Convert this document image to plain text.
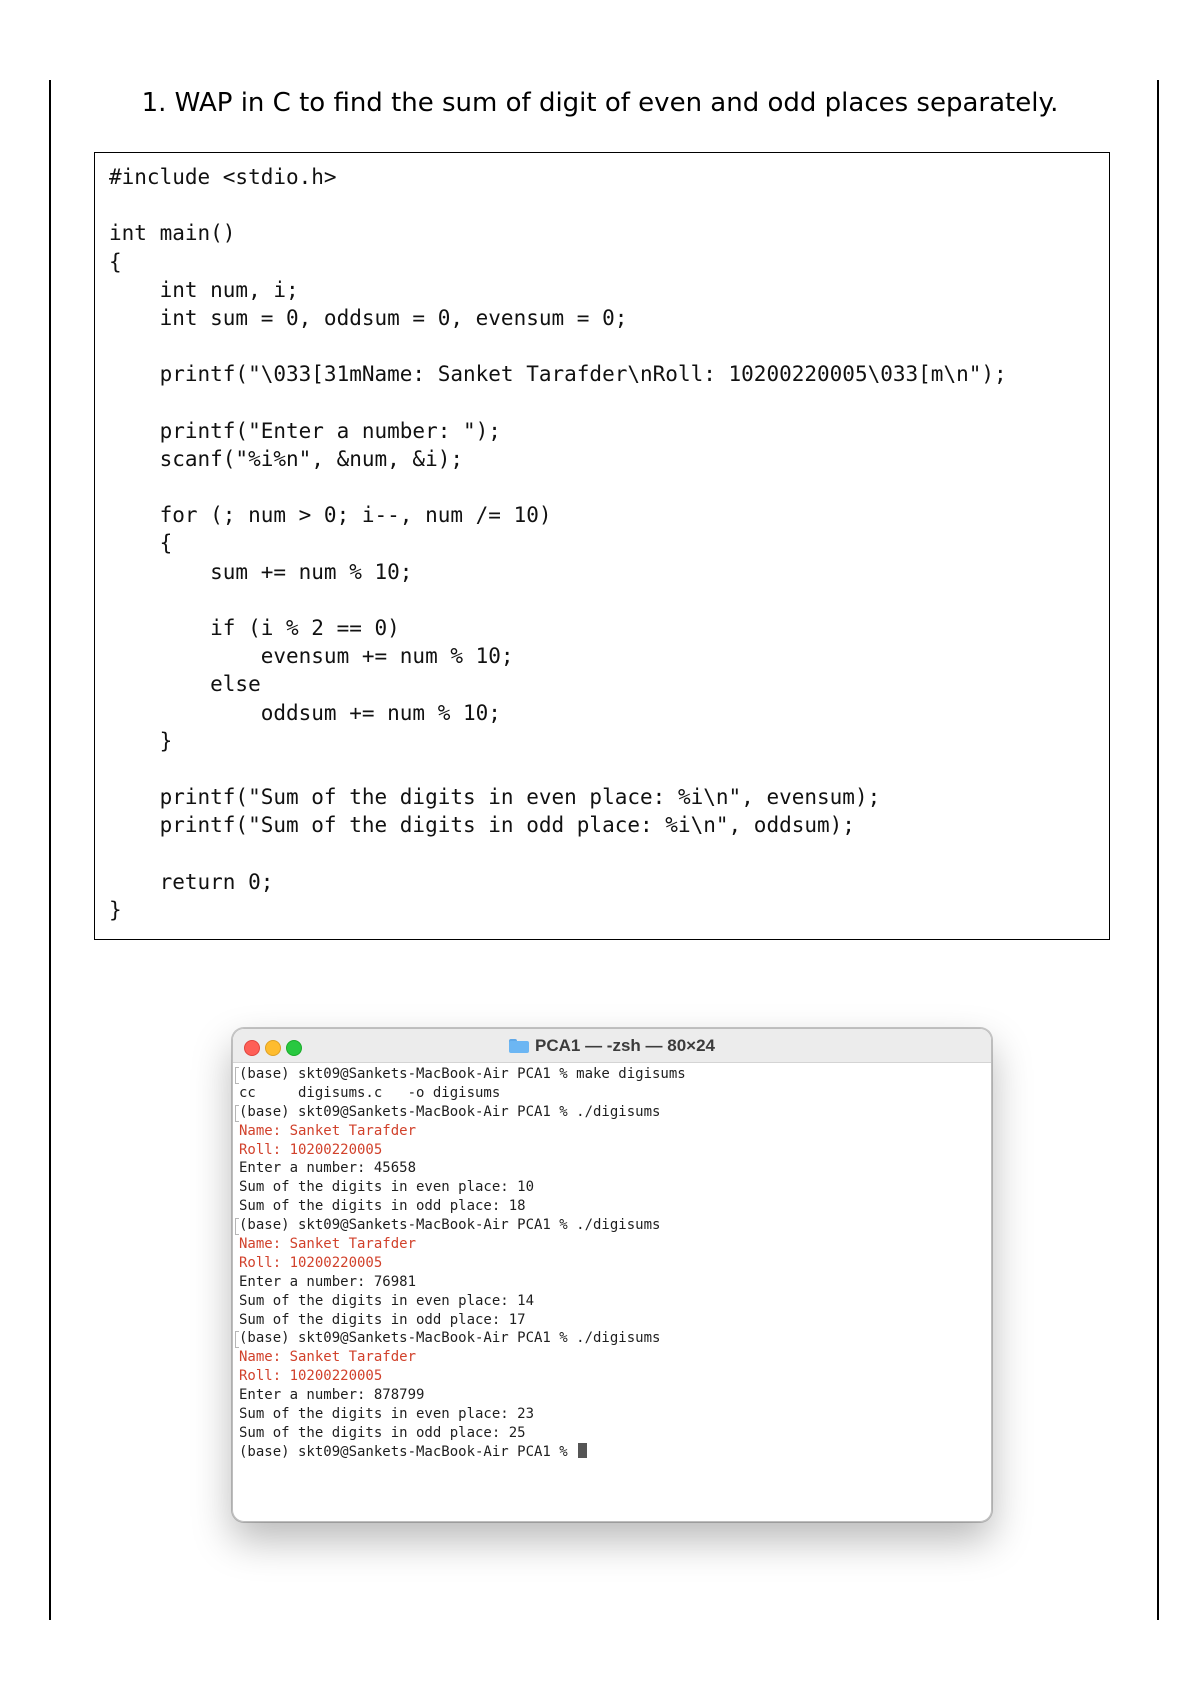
1. WAP in C to find the sum of digit of even and odd places separately.
#include <stdio.h>
int main()
{
int num, i;
int sum = 0, oddsum = 0, evensum = 0;
printf("\033[31mName: Sanket Tarafder\nRoll: 10200220005\033[m\n");
printf("Enter a number: ");
scanf("%i%n", &num, &i);
for (; num > 0; i--, num /= 10)
{
sum += num % 10;
if (i % 2 == 0)
evensum += num % 10;
else
oddsum += num % 10;
}
printf("Sum of the digits in even place: %i\n", evensum);
printf("Sum of the digits in odd place: %i\n", oddsum);
return 0;
}
PCA1 — -zsh — 80×24
(base) skt09@Sankets-MacBook-Air PCA1 % make digisums
cc     digisums.c   -o digisums
(base) skt09@Sankets-MacBook-Air PCA1 % ./digisums
Name: Sanket Tarafder
Roll: 10200220005
Enter a number: 45658
Sum of the digits in even place: 10
Sum of the digits in odd place: 18
(base) skt09@Sankets-MacBook-Air PCA1 % ./digisums
Name: Sanket Tarafder
Roll: 10200220005
Enter a number: 76981
Sum of the digits in even place: 14
Sum of the digits in odd place: 17
(base) skt09@Sankets-MacBook-Air PCA1 % ./digisums
Name: Sanket Tarafder
Roll: 10200220005
Enter a number: 878799
Sum of the digits in even place: 23
Sum of the digits in odd place: 25
(base) skt09@Sankets-MacBook-Air PCA1 %
